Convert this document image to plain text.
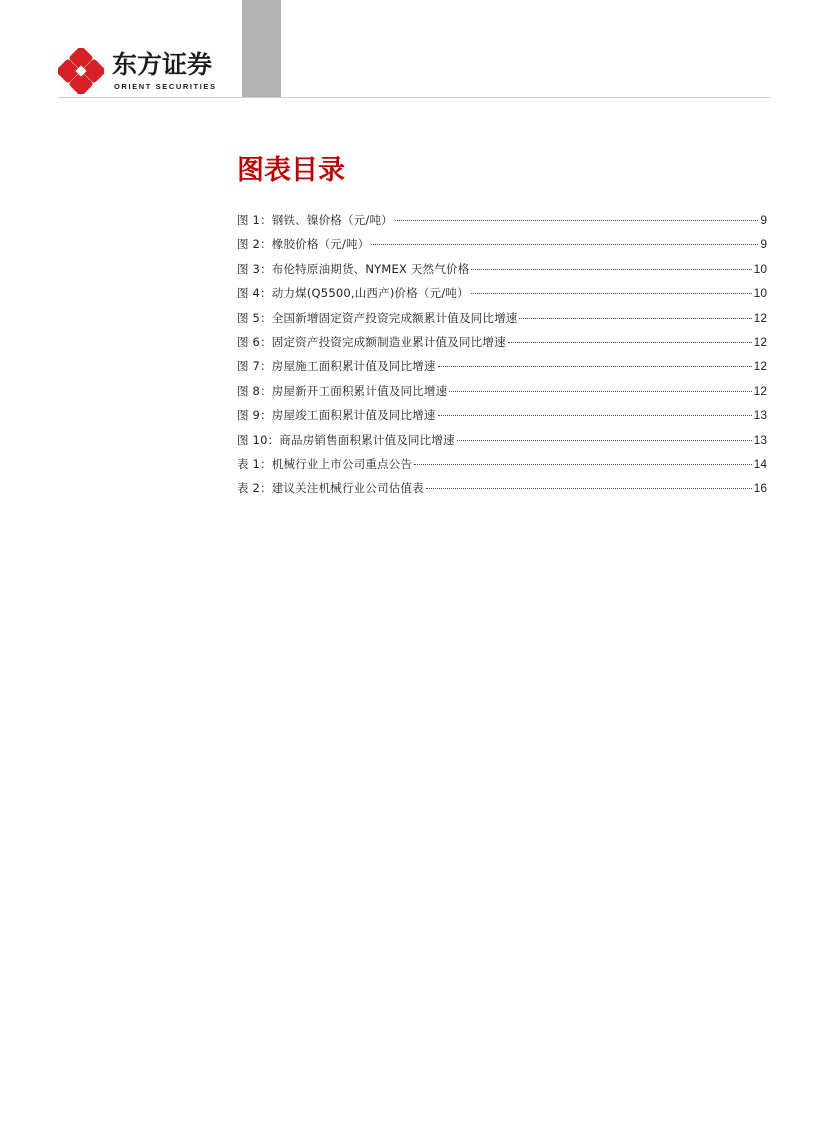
东方证券
ORIENT SECURITIES
图表目录
图 1：钢铁、镍价格（元/吨）	9
图 2：橡胶价格（元/吨）	9
图 3：布伦特原油期货、NYMEX 天然气价格	10
图 4：动力煤(Q5500,山西产)价格（元/吨）	10
图 5：全国新增固定资产投资完成额累计值及同比增速	12
图 6：固定资产投资完成额制造业累计值及同比增速	12
图 7：房屋施工面积累计值及同比增速	12
图 8：房屋新开工面积累计值及同比增速	12
图 9：房屋竣工面积累计值及同比增速	13
图 10：商品房销售面积累计值及同比增速	13
表 1：机械行业上市公司重点公告	14
表 2：建议关注机械行业公司估值表	16
